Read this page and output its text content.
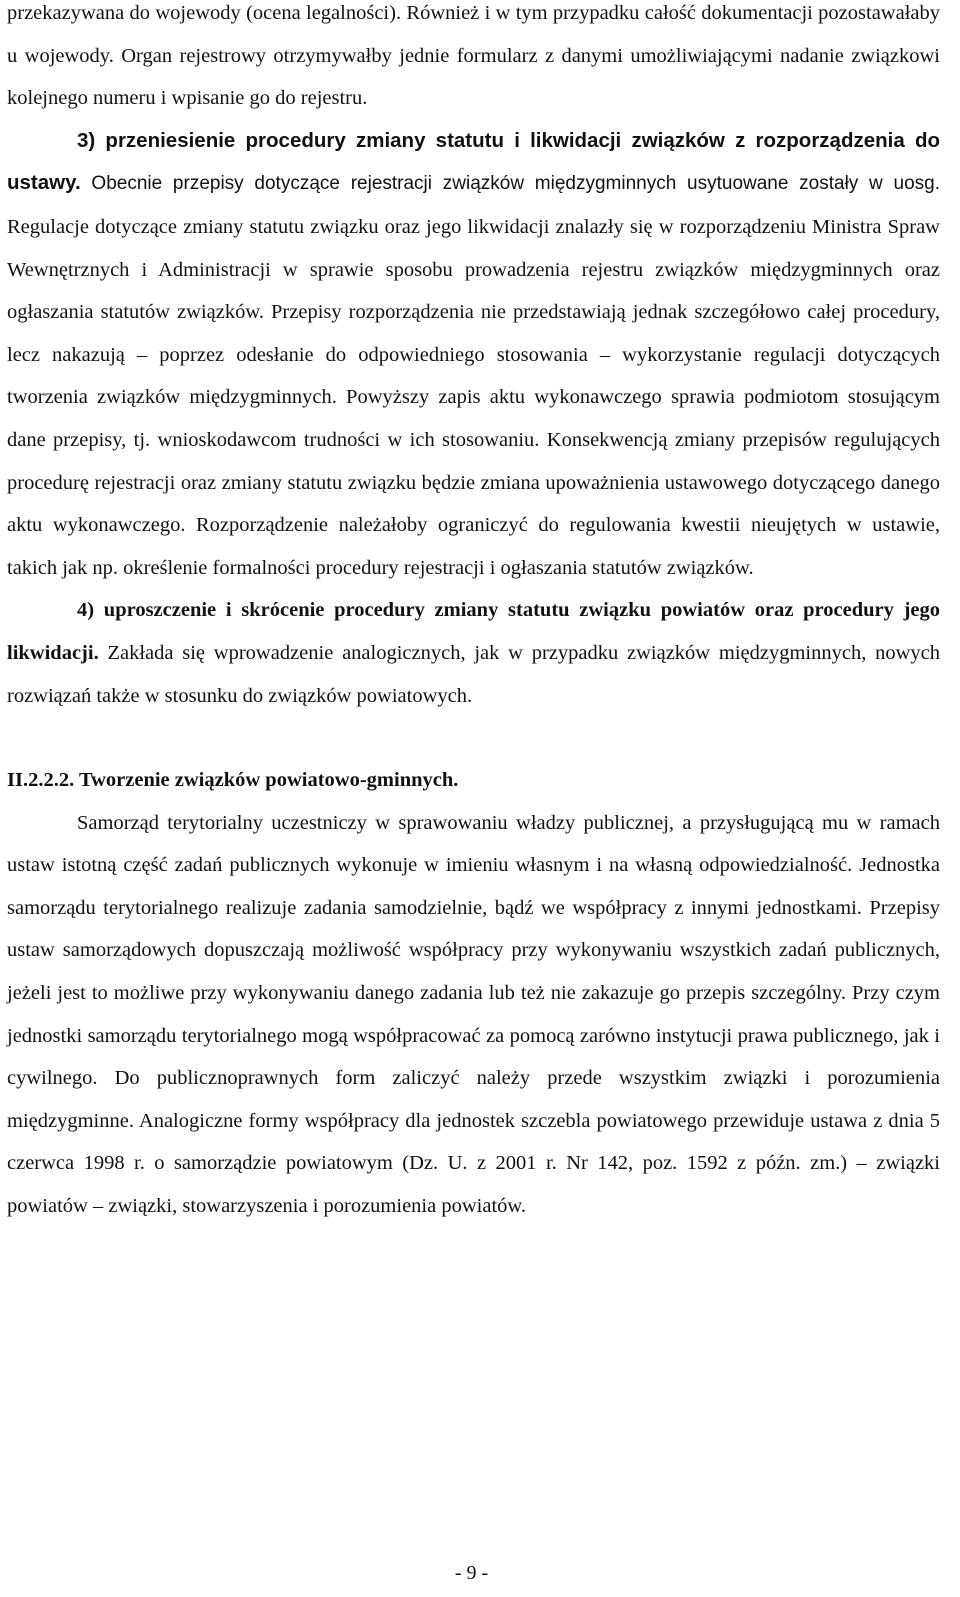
przekazywana do wojewody (ocena legalności). Również i w tym przypadku całość dokumentacji pozostawałaby u wojewody. Organ rejestrowy otrzymywałby jednie formularz z danymi umożliwiającymi nadanie związkowi kolejnego numeru i wpisanie go do rejestru.

3) przeniesienie procedury zmiany statutu i likwidacji związków z rozporządzenia do ustawy. Obecnie przepisy dotyczące rejestracji związków międzygminnych usytuowane zostały w uosg. Regulacje dotyczące zmiany statutu związku oraz jego likwidacji znalazły się w rozporządzeniu Ministra Spraw Wewnętrznych i Administracji w sprawie sposobu prowadzenia rejestru związków międzygminnych oraz ogłaszania statutów związków. Przepisy rozporządzenia nie przedstawiają jednak szczegółowo całej procedury, lecz nakazują – poprzez odesłanie do odpowiedniego stosowania – wykorzystanie regulacji dotyczących tworzenia związków międzygminnych. Powyższy zapis aktu wykonawczego sprawia podmiotom stosującym dane przepisy, tj. wnioskodawcom trudności w ich stosowaniu. Konsekwencją zmiany przepisów regulujących procedurę rejestracji oraz zmiany statutu związku będzie zmiana upoważnienia ustawowego dotyczącego danego aktu wykonawczego. Rozporządzenie należałoby ograniczyć do regulowania kwestii nieujętych w ustawie, takich jak np. określenie formalności procedury rejestracji i ogłaszania statutów związków.

4) uproszczenie i skrócenie procedury zmiany statutu związku powiatów oraz procedury jego likwidacji. Zakłada się wprowadzenie analogicznych, jak w przypadku związków międzygminnych, nowych rozwiązań także w stosunku do związków powiatowych.

II.2.2.2. Tworzenie związków powiatowo-gminnych.

Samorząd terytorialny uczestniczy w sprawowaniu władzy publicznej, a przysługującą mu w ramach ustaw istotną część zadań publicznych wykonuje w imieniu własnym i na własną odpowiedzialność. Jednostka samorządu terytorialnego realizuje zadania samodzielnie, bądź we współpracy z innymi jednostkami. Przepisy ustaw samorządowych dopuszczają możliwość współpracy przy wykonywaniu wszystkich zadań publicznych, jeżeli jest to możliwe przy wykonywaniu danego zadania lub też nie zakazuje go przepis szczególny. Przy czym jednostki samorządu terytorialnego mogą współpracować za pomocą zarówno instytucji prawa publicznego, jak i cywilnego. Do publicznoprawnych form zaliczyć należy przede wszystkim związki i porozumienia międzygminne. Analogiczne formy współpracy dla jednostek szczebla powiatowego przewiduje ustawa z dnia 5 czerwca 1998 r. o samorządzie powiatowym (Dz. U. z 2001 r. Nr 142, poz. 1592 z późn. zm.) – związki powiatów – związki, stowarzyszenia i porozumienia powiatów.

- 9 -
